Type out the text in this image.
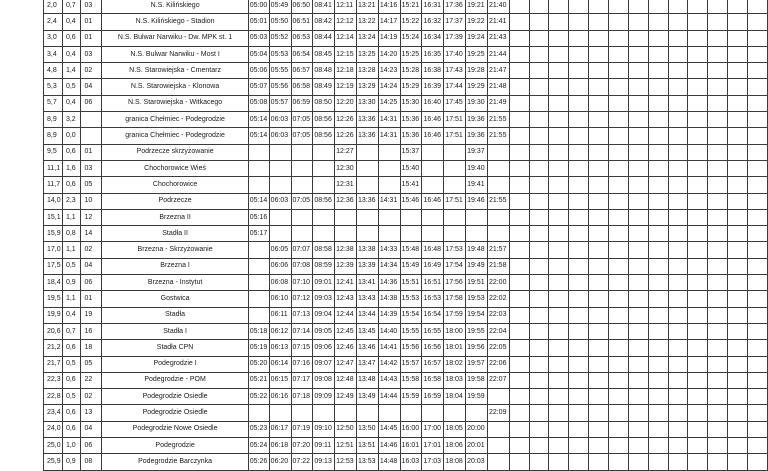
2,0	0,7	03	N.S. Kilińskiego	05:00	05:49	06:50	08:41	12:11	13:21	14:16	15:21	16:31	17:36	19:21	21:40													
2,4	0,4	01	N.S. Kilińskiego - Stadion	05:01	05:50	06:51	08:42	12:12	13:22	14:17	15:22	16:32	17:37	19:22	21:41													
3,0	0,6	01	N.S. Bulwar Narwiku - Dw. MPK st. 1	05:03	05:52	06:53	08:44	12:14	13:24	14:19	15:24	16:34	17:39	19:24	21:43													
3,4	0,4	03	N.S. Bulwar Narwiku - Most I	05:04	05:53	06:54	08:45	12:15	13:25	14:20	15:25	16:35	17:40	19:25	21:44													
4,8	1,4	02	N.S. Starowiejska - Cmentarz	05:06	05:55	06:57	08:48	12:18	13:28	14:23	15:28	16:38	17:43	19:28	21:47													
5,3	0,5	04	N.S. Starowiejska - Klonowa	05:07	05:56	06:58	08:49	12:19	13:29	14:24	15:29	16:39	17:44	19:29	21:48													
5,7	0,4	06	N.S. Starowiejska - Witkacego	05:08	05:57	06:59	08:50	12:20	13:30	14:25	15:30	16:40	17:45	19:30	21:49													
8,9	3,2		granica Chełmiec - Podegrodzie	05:14	06:03	07:05	08:56	12:26	13:36	14:31	15:36	16:46	17:51	19:36	21:55													
8,9	0,0		granica Chełmiec - Podegrodzie	05:14	06:03	07:05	08:56	12:26	13:36	14:31	15:36	16:46	17:51	19:36	21:55													
9,5	0,6	01	Podrzecze skrzyżowanie					12:27			15:37			19:37														
11,1	1,6	03	Chochorowice Wieś					12:30			15:40			19:40														
11,7	0,6	05	Chochorowice					12:31			15:41			19:41														
14,0	2,3	10	Podrzecze	05:14	06:03	07:05	08:56	12:36	13:36	14:31	15:46	16:46	17:51	19:46	21:55													
15,1	1,1	12	Brzezna II	05:16																								
15,9	0,8	14	Stadła II	05:17																								
17,0	1,1	02	Brzezna - Skrzyżowanie		06:05	07:07	08:58	12:38	13:38	14:33	15:48	16:48	17:53	19:48	21:57													
17,5	0,5	04	Brzezna I		06:06	07:08	08:59	12:39	13:39	14:34	15:49	16:49	17:54	19:49	21:58													
18,4	0,9	06	Brzezna - Instytut		06:08	07:10	09:01	12:41	13:41	14:36	15:51	16:51	17:56	19:51	22:00													
19,5	1,1	01	Gostwica		06:10	07:12	09:03	12:43	13:43	14:38	15:53	16:53	17:58	19:53	22:02													
19,9	0,4	19	Stadła		06:11	07:13	09:04	12:44	13:44	14:39	15:54	16:54	17:59	19:54	22:03													
20,6	0,7	16	Stadła I	05:18	06:12	07:14	09:05	12:45	13:45	14:40	15:55	16:55	18:00	19:55	22:04													
21,2	0,6	18	Stadła CPN	05:19	06:13	07:15	09:06	12:46	13:46	14:41	15:56	16:56	18:01	19:56	22:05													
21,7	0,5	05	Podegrodzie I	05:20	06:14	07:16	09:07	12:47	13:47	14:42	15:57	16:57	18:02	19:57	22:06													
22,3	0,6	22	Podegrodzie - POM	05:21	06:15	07:17	09:08	12:48	13:48	14:43	15:58	16:58	18:03	19:58	22:07													
22,8	0,5	02	Podegrodzie Osiedle	05:22	06:16	07:18	09:09	12:49	13:49	14:44	15:59	16:59	18:04	19:59														
23,4	0,6	13	Podegrodzie Osiedle												22:09													
24,0	0,6	04	Podegrodzie Nowe Osiedle	05:23	06:17	07:19	09:10	12:50	13:50	14:45	16:00	17:00	18:05	20:00														
25,0	1,0	06	Podegrodzie	05:24	06:18	07:20	09:11	12:51	13:51	14:46	16:01	17:01	18:06	20:01														
25,9	0,9	08	Podegrodzie Barczynka	05:26	06:20	07:22	09:13	12:53	13:53	14:48	16:03	17:03	18:08	20:03														
